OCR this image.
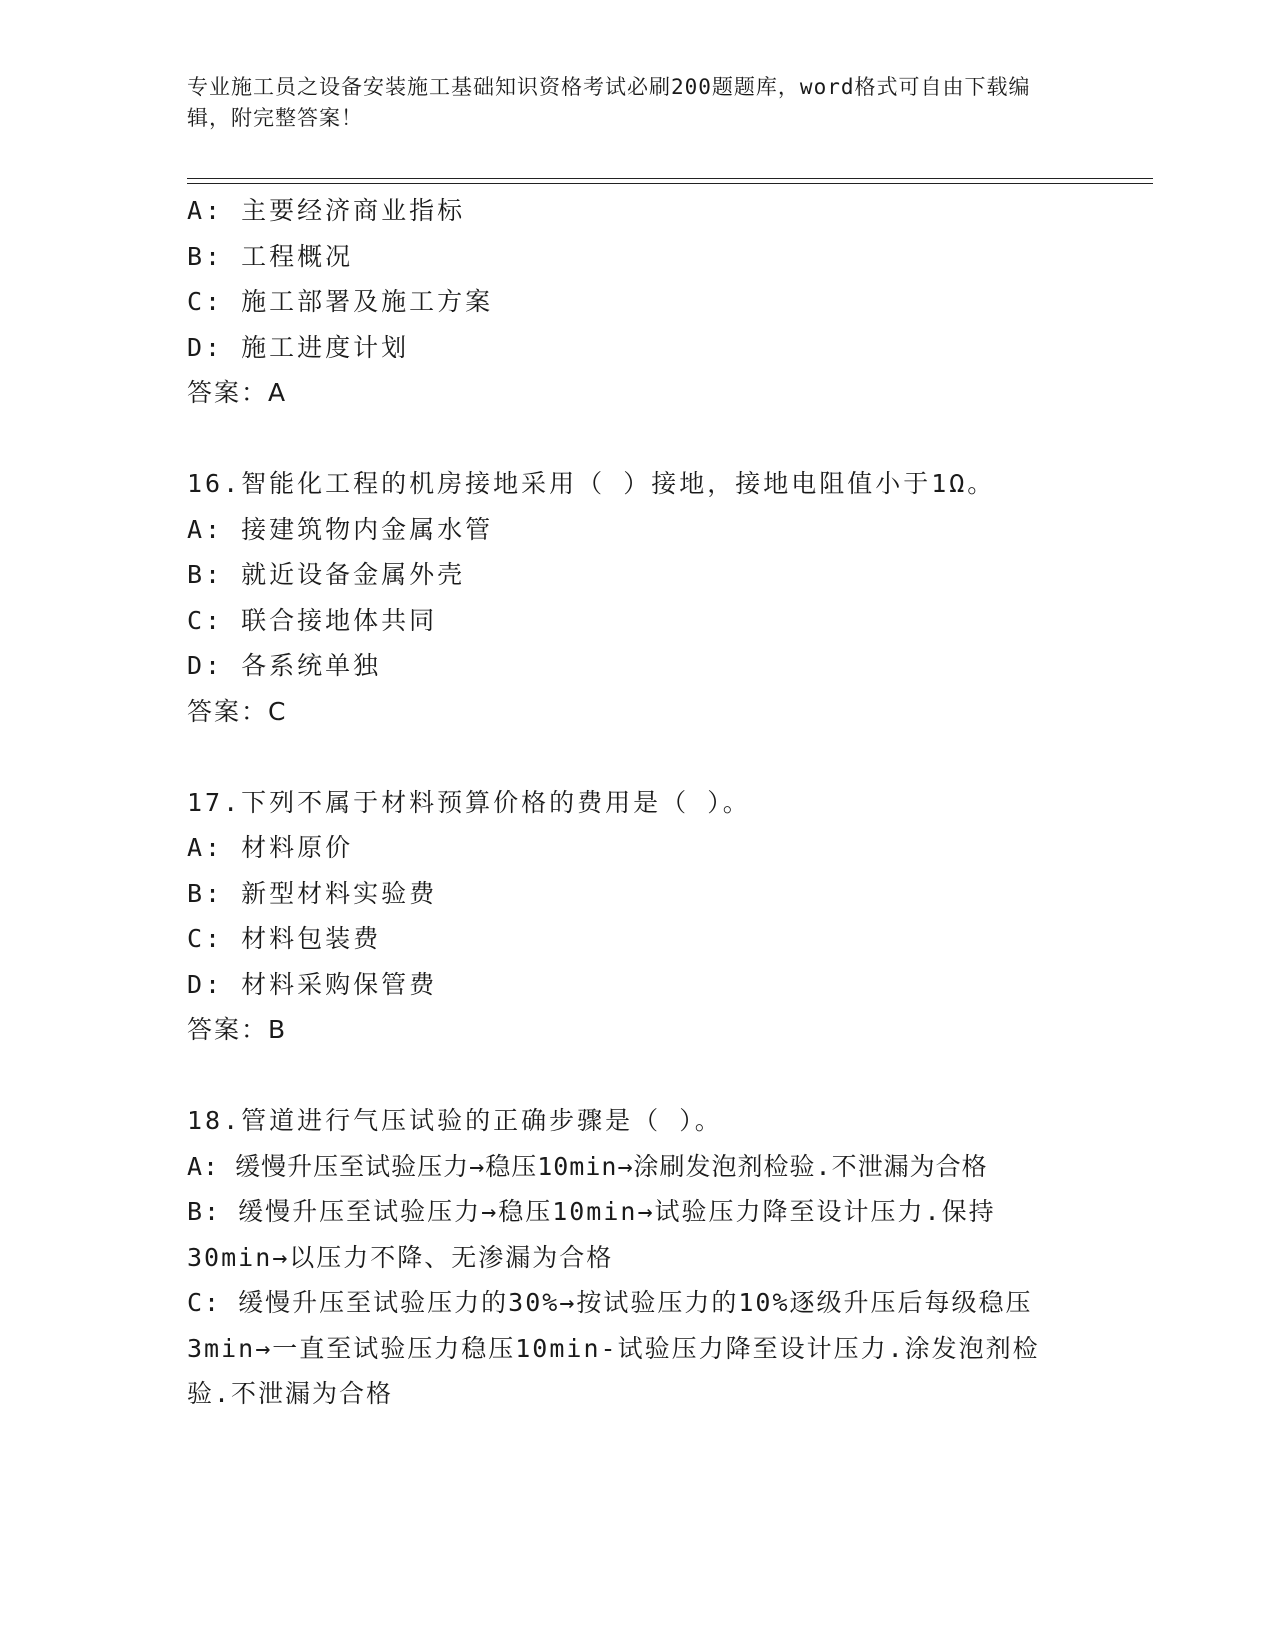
专业施工员之设备安装施工基础知识资格考试必刷200题题库，word格式可自由下载编辑，附完整答案！
A: 主要经济商业指标
B: 工程概况
C: 施工部署及施工方案
D: 施工进度计划
答案：A
16.智能化工程的机房接地采用（ ）接地，接地电阻值小于1Ω。
A: 接建筑物内金属水管
B: 就近设备金属外壳
C: 联合接地体共同
D: 各系统单独
答案：C
17.下列不属于材料预算价格的费用是（ ）。
A: 材料原价
B: 新型材料实验费
C: 材料包装费
D: 材料采购保管费
答案：B
18.管道进行气压试验的正确步骤是（ ）。
A: 缓慢升压至试验压力→稳压10min→涂刷发泡剂检验.不泄漏为合格
B: 缓慢升压至试验压力→稳压10min→试验压力降至设计压力.保持30min→以压力不降、无渗漏为合格
C: 缓慢升压至试验压力的30%→按试验压力的10%逐级升压后每级稳压3min→一直至试验压力稳压10min-试验压力降至设计压力.涂发泡剂检验.不泄漏为合格
